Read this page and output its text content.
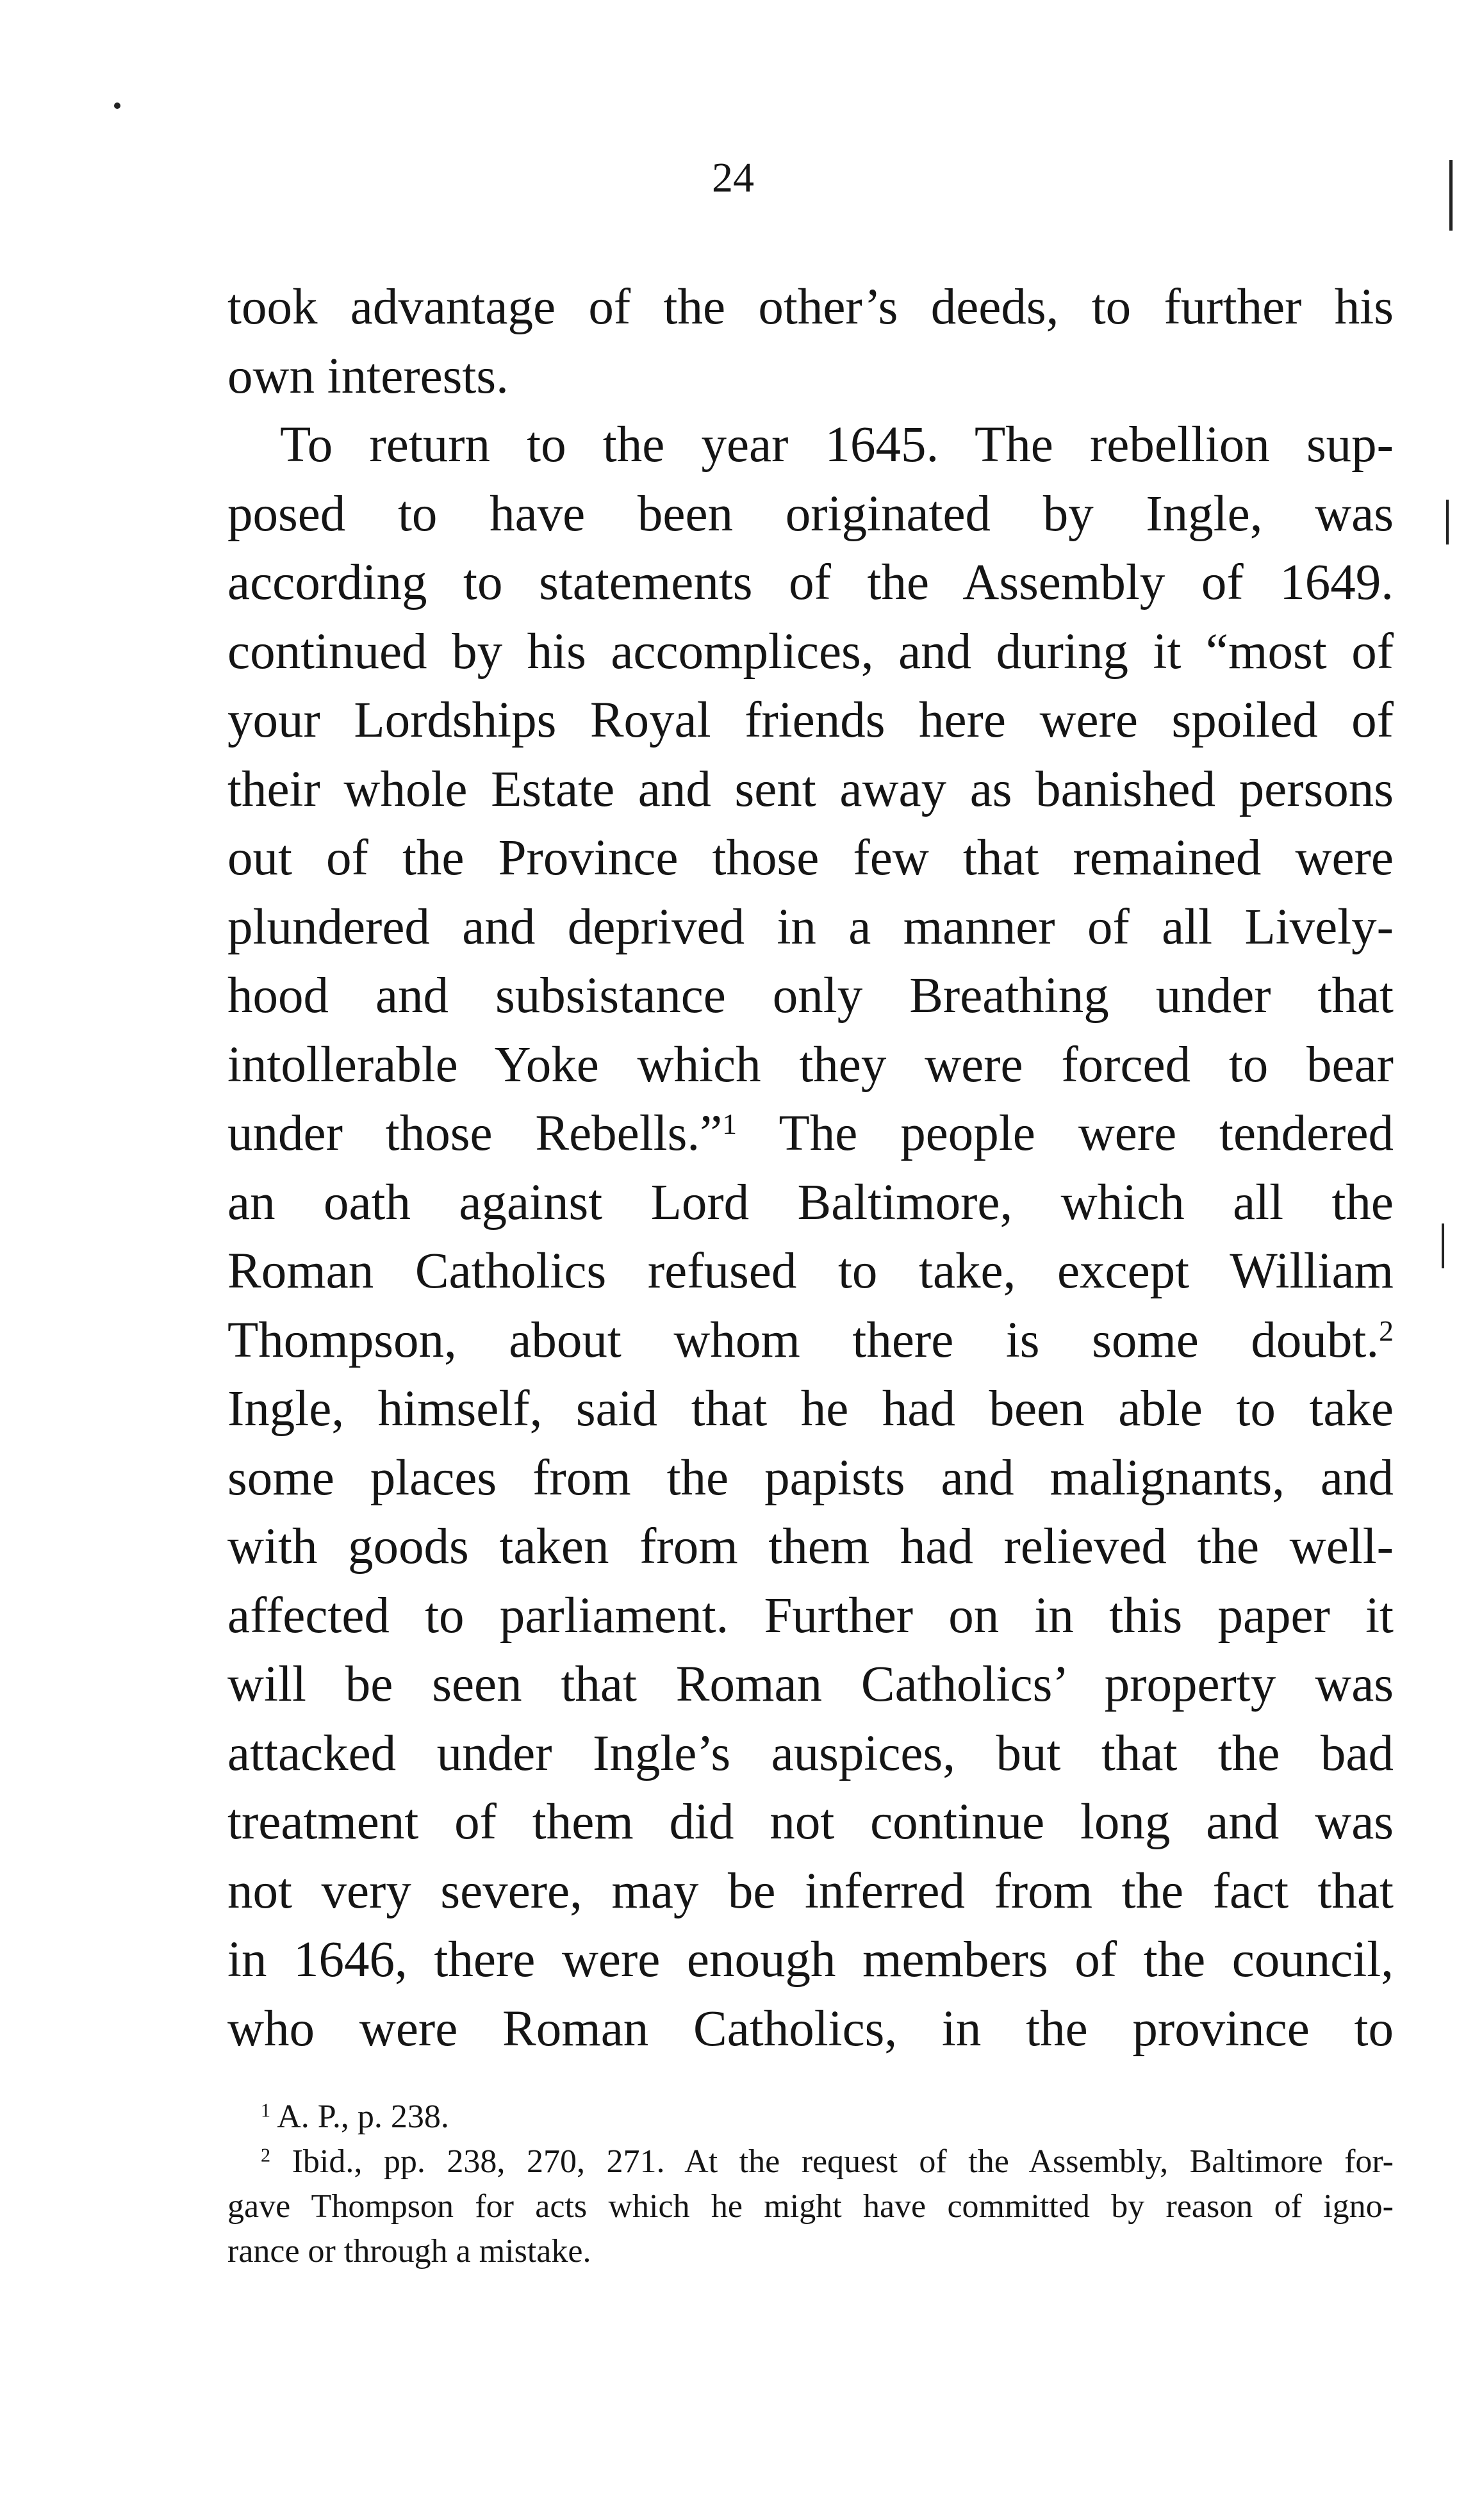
24
took advantage of the other’s deeds, to further his
own interests.
To return to the year 1645. The rebellion sup-
posed to have been originated by Ingle, was
according to statements of the Assembly of 1649.
continued by his accomplices, and during it “most of
your Lordships Royal friends here were spoiled of
their whole Estate and sent away as banished persons
out of the Province those few that remained were
plundered and deprived in a manner of all Lively-
hood and subsistance only Breathing under that
intollerable Yoke which they were forced to bear
under those Rebells.”$^1$ The people were tendered
an oath against Lord Baltimore, which all the
Roman Catholics refused to take, except William
Thompson, about whom there is some doubt.$^2$
Ingle, himself, said that he had been able to take
some places from the papists and malignants, and
with goods taken from them had relieved the well-
affected to parliament. Further on in this paper it
will be seen that Roman Catholics’ property was
attacked under Ingle’s auspices, but that the bad
treatment of them did not continue long and was
not very severe, may be inferred from the fact that
in 1646, there were enough members of the council,
who were Roman Catholics, in the province to
$^1$ A. P., p. 238.
$^2$ Ibid., pp. 238, 270, 271. At the request of the Assembly, Baltimore for-
gave Thompson for acts which he might have committed by reason of igno-
rance or through a mistake.
